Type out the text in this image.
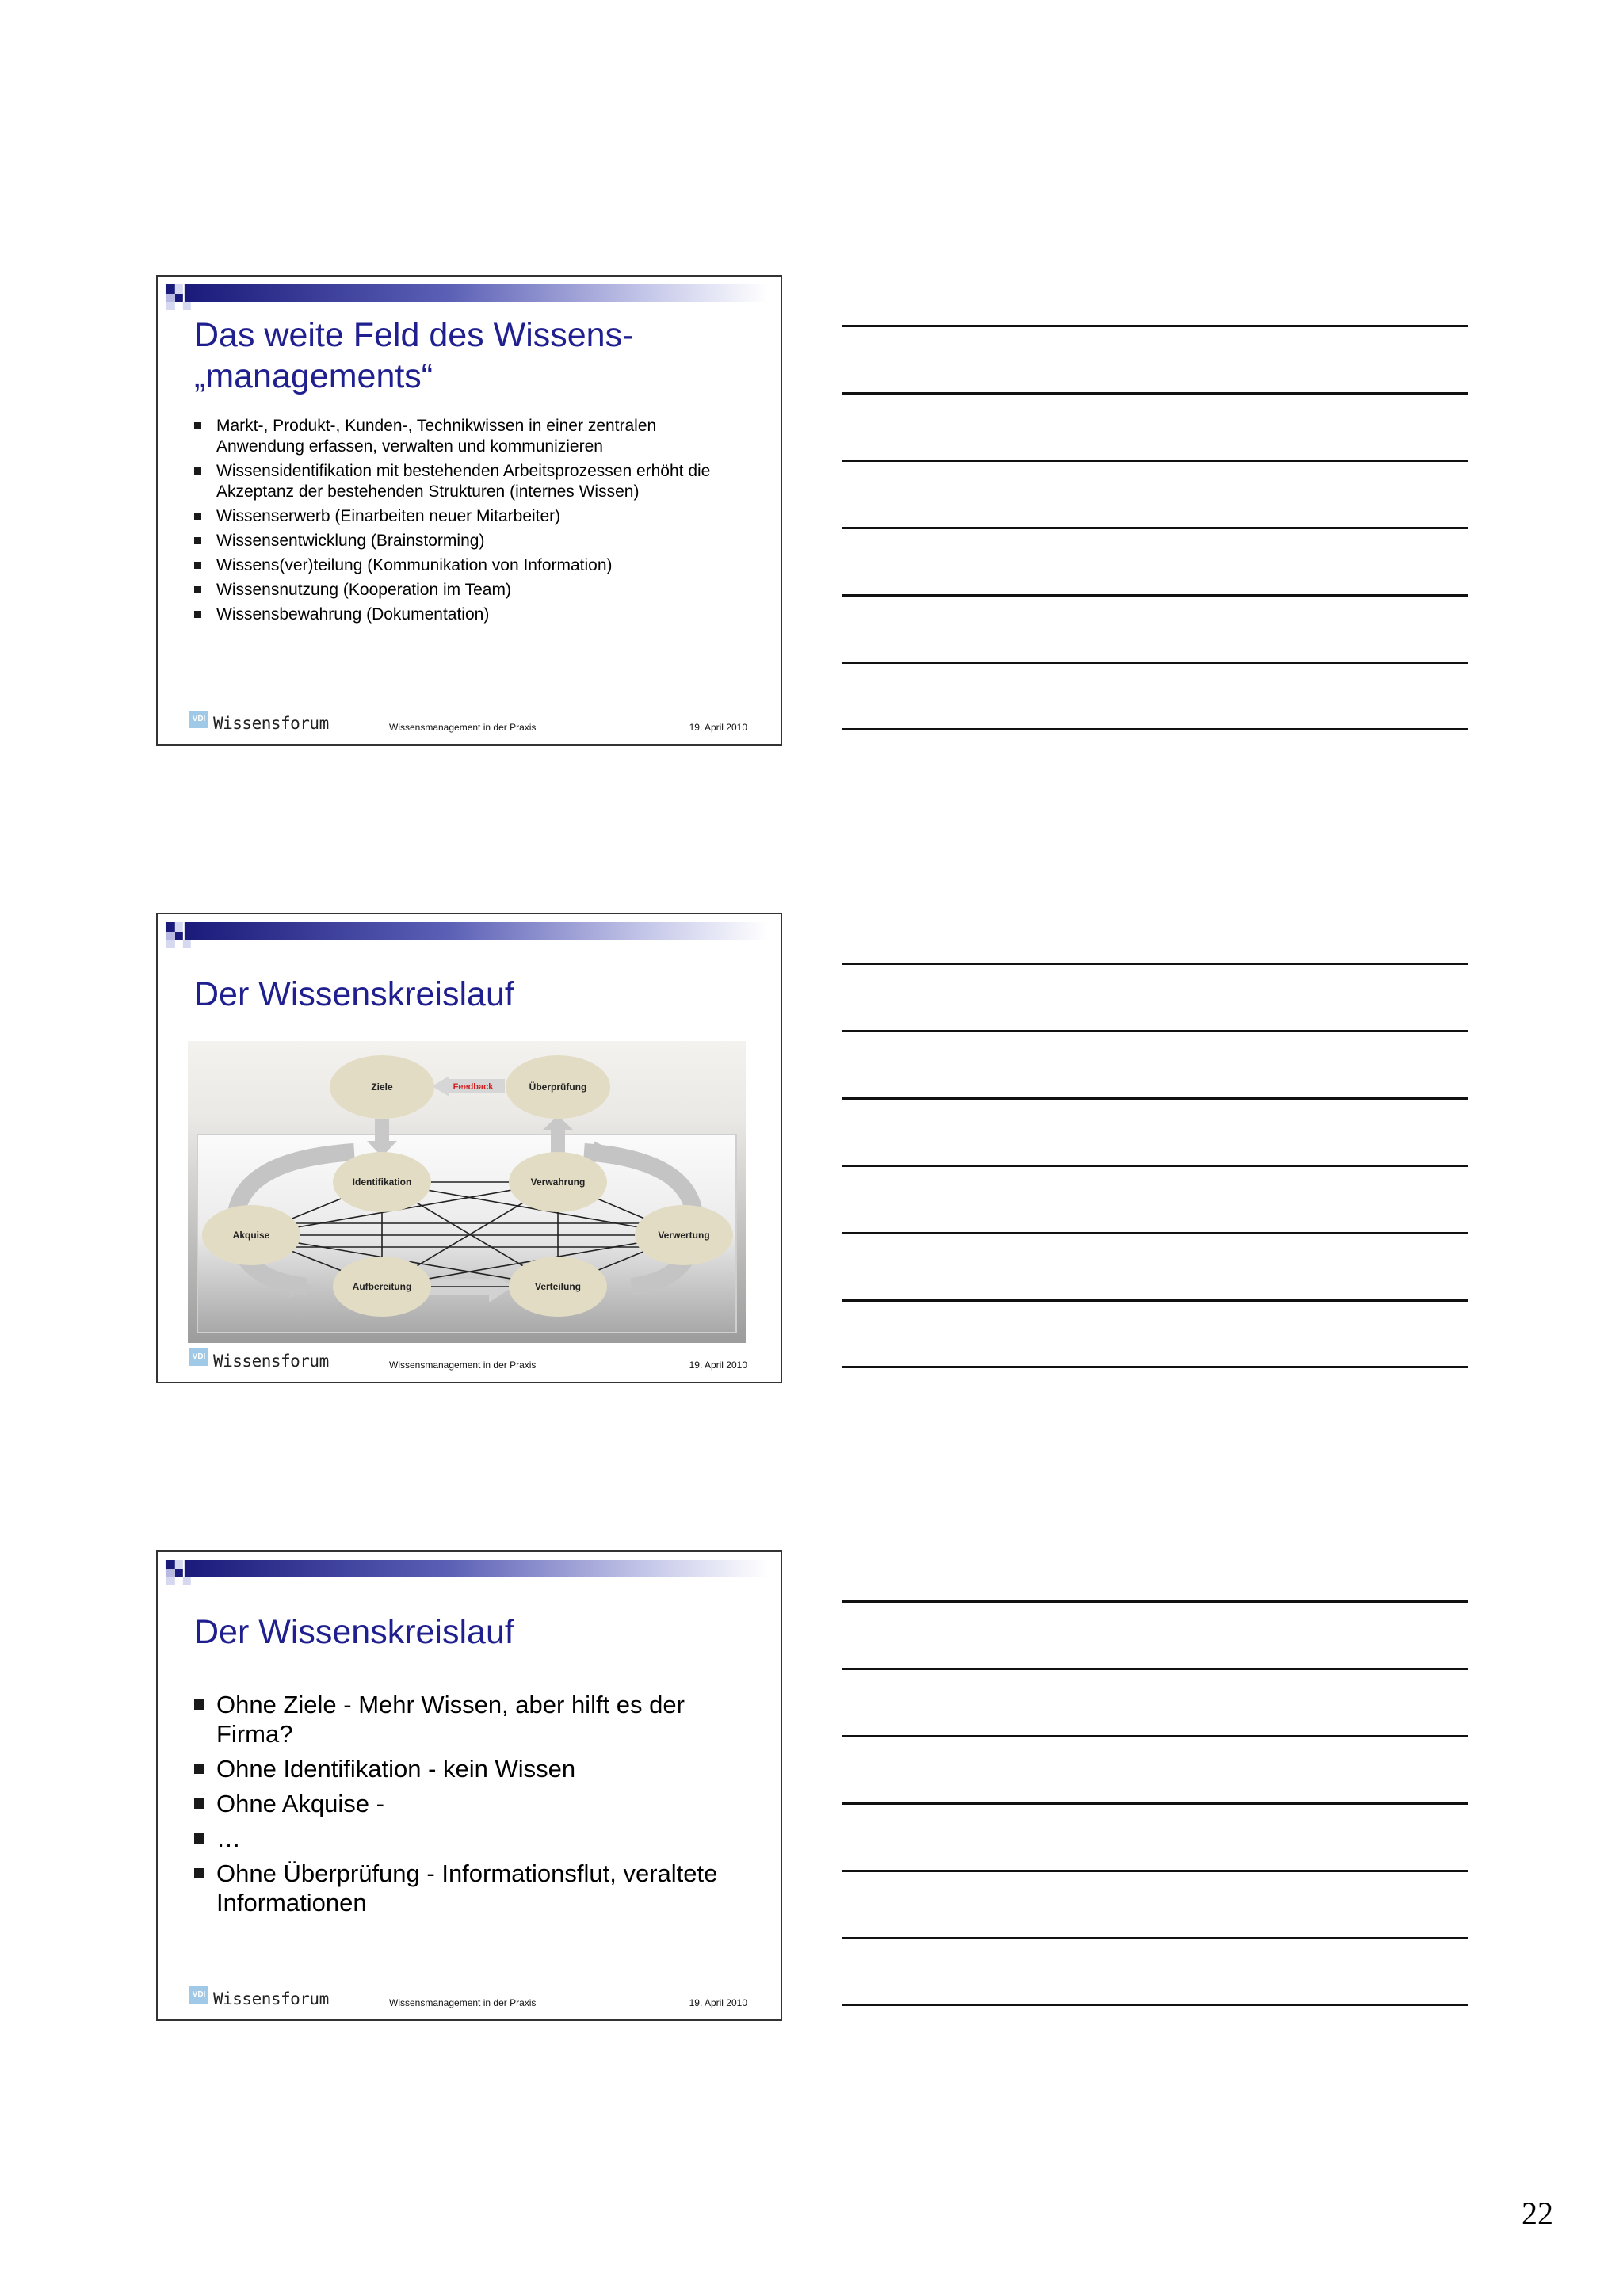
Das weite Feld des Wissens-
„managements“
Markt-, Produkt-, Kunden-, Technikwissen in einer zentralen
Anwendung erfassen, verwalten und kommunizieren
Wissensidentifikation mit bestehenden Arbeitsprozessen erhöht die
Akzeptanz der bestehenden Strukturen (internes Wissen)
Wissenserwerb (Einarbeiten neuer Mitarbeiter)
Wissensentwicklung (Brainstorming)
Wissens(ver)teilung (Kommunikation von Information)
Wissensnutzung (Kooperation im Team)
Wissensbewahrung (Dokumentation)
VDI Wissensforum	Wissensmanagement in der Praxis	19. April 2010
Der Wissenskreislauf
Ziele	Überprüfung
Identifikation	Verwahrung
Akquise	Verwertung
Aufbereitung	Verteilung
Feedback
VDI Wissensforum	Wissensmanagement in der Praxis	19. April 2010
Der Wissenskreislauf
Ohne Ziele - Mehr Wissen, aber hilft es der
Firma?
Ohne Identifikation - kein Wissen
Ohne Akquise -
…
Ohne Überprüfung - Informationsflut, veraltete
Informationen
VDI Wissensforum	Wissensmanagement in der Praxis	19. April 2010
22
